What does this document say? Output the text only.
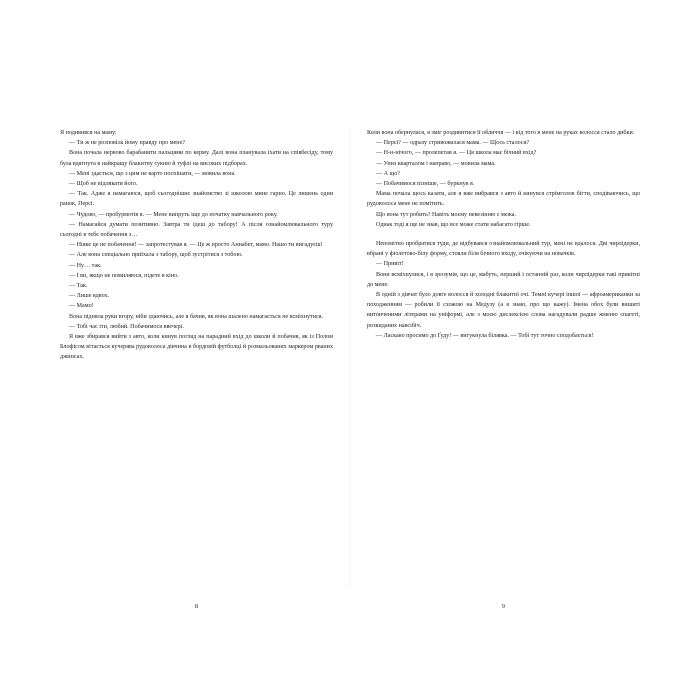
Я подивився на маму:

— Ти ж не розповіла йому правду про мене?

Вона почала нервово барабанити пальцями по керму. Далі вона планувала їхати на співбесіду, тому була вдягнута в найкращу блакитну сукню й туфлі на високих підборах.

— Мені здається, що з цим не варто поспішати, — мовила вона.

— Щоб не відлякати його.

— Так. Адже я намагаюся, щоб сьогоднішнє знайомство зі школою мине гарно. Це лишень одни ранок, Персі.

— Чудово, — пробурмотів я. — Мене випруть іще до початку навчального року.

— Намагайся думати позитивно. Завтра ти їдеш до табору! А після ознайомлювального туру сьогодні в тебе побачення з…

— Ніяке це не побачення! — запротестував я. — Це ж просто Аннабет, мамо. Нашо ти вигадуєш!

— Але вона спеціально приїхала з табору, щоб зустрітися з тобою.

— Ну… так.

— І ви, якщо не помиляюся, підете в кіно.

— Так.

— Лише вдвох.

— Мамо!

Вона підняла руки вгору, ніби здаючись, але я бачив, як вона шалено намагається не всміхнутися.

— Тобі час іти, любий. Побачимося ввечері.

Я вже збирався вийти з авто, коли кинув погляд на парадний вхід до школи й побачив, як із Полом Блофісом вітається кучерява рудоволоса дівчина в бордовій футболці й розмальованих маркером рваних джинсах.

8

Коли вона обернулася, я зміг роздивитися її обличчя — і від того в мене на руках волосся стало дибки.

— Персі? — одразу стривожилася мама. — Щось сталося?

— Н-н-нічого, — пролепетав я. — Ця школа має бічний вхід?

— Униз кварталом і направо, — мовила мама.

— А що?

— Побачимося пізніше, — буркнув я.

Мама почала щось казати, але я вже вибрався з авто й кинувся стрімголов бігти, сподіваючись, що рудоволоса мене не помітить.

Що вона тут робить? Навіть моєму невезінню є межа.

Однак тоді я ще не знав, що все може стати набагато гірше.

Непомітно пробратися туди, де відбувався ознайомлювальний тур, мені не вдалося. Дві чирлідерки, вбрані у фіолетово-білу форму, стояли біля бічного входу, очікуючи на новачків.

— Привіт!

Вони всміхнулися, і я зрозумів, що це, мабуть, перший і останній раз, коли чирлідерки такі привітні до мене.

В одній з дівчат було довге волосся й холодні блакитні очі. Темні кучері іншої — афроамериканки за походженням — робили її схожою на Медузу (а я знаю, про що кажу). Імена обох були вишиті витонченими літерами на уніформі, але з моєю дислексією слова нагадували радше жменю спагеті, розкиданих навсібіч.

— Ласкаво просимо до Ґуду! — вигукнула білявка. — Тобі тут точно сподобається!

9
